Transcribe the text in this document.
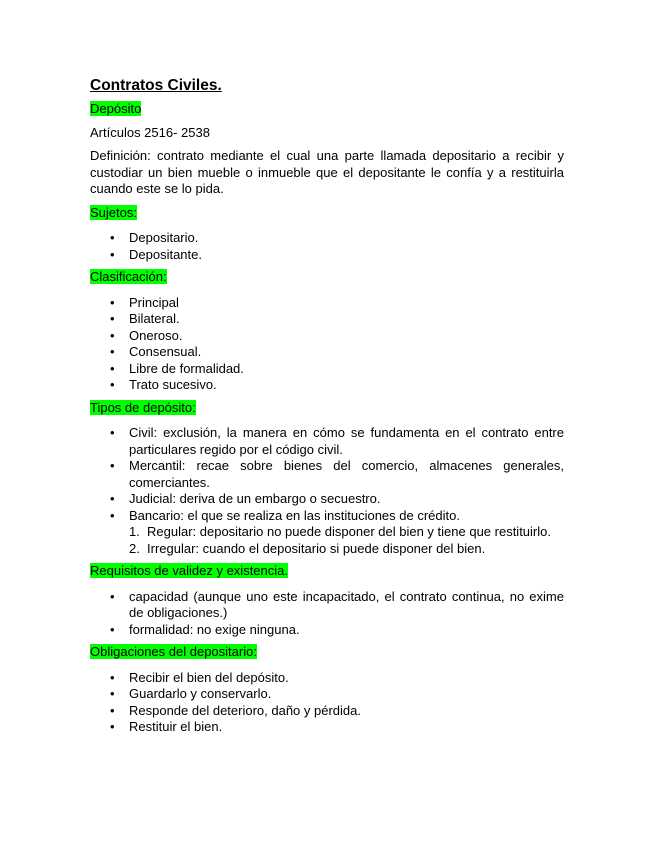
Contratos Civiles.
Depósito
Artículos 2516- 2538
Definición: contrato mediante el cual una parte llamada depositario a recibir y custodiar un bien mueble o inmueble que el depositante le confía y a restituirla cuando este se lo pida.
Sujetos:
• Depositario.
• Depositante.
Clasificación:
• Principal
• Bilateral.
• Oneroso.
• Consensual.
• Libre de formalidad.
• Trato sucesivo.
Tipos de depósito:
• Civil: exclusión, la manera en cómo se fundamenta en el contrato entre particulares regido por el código civil.
• Mercantil: recae sobre bienes del comercio, almacenes generales, comerciantes.
• Judicial: deriva de un embargo o secuestro.
• Bancario: el que se realiza en las instituciones de crédito.
1. Regular: depositario no puede disponer del bien y tiene que restituirlo.
2. Irregular: cuando el depositario si puede disponer del bien.
Requisitos de validez y existencia.
• capacidad (aunque uno este incapacitado, el contrato continua, no exime de obligaciones.)
• formalidad: no exige ninguna.
Obligaciones del depositario:
• Recibir el bien del depósito.
• Guardarlo y conservarlo.
• Responde del deterioro, daño y pérdida.
• Restituir el bien.
